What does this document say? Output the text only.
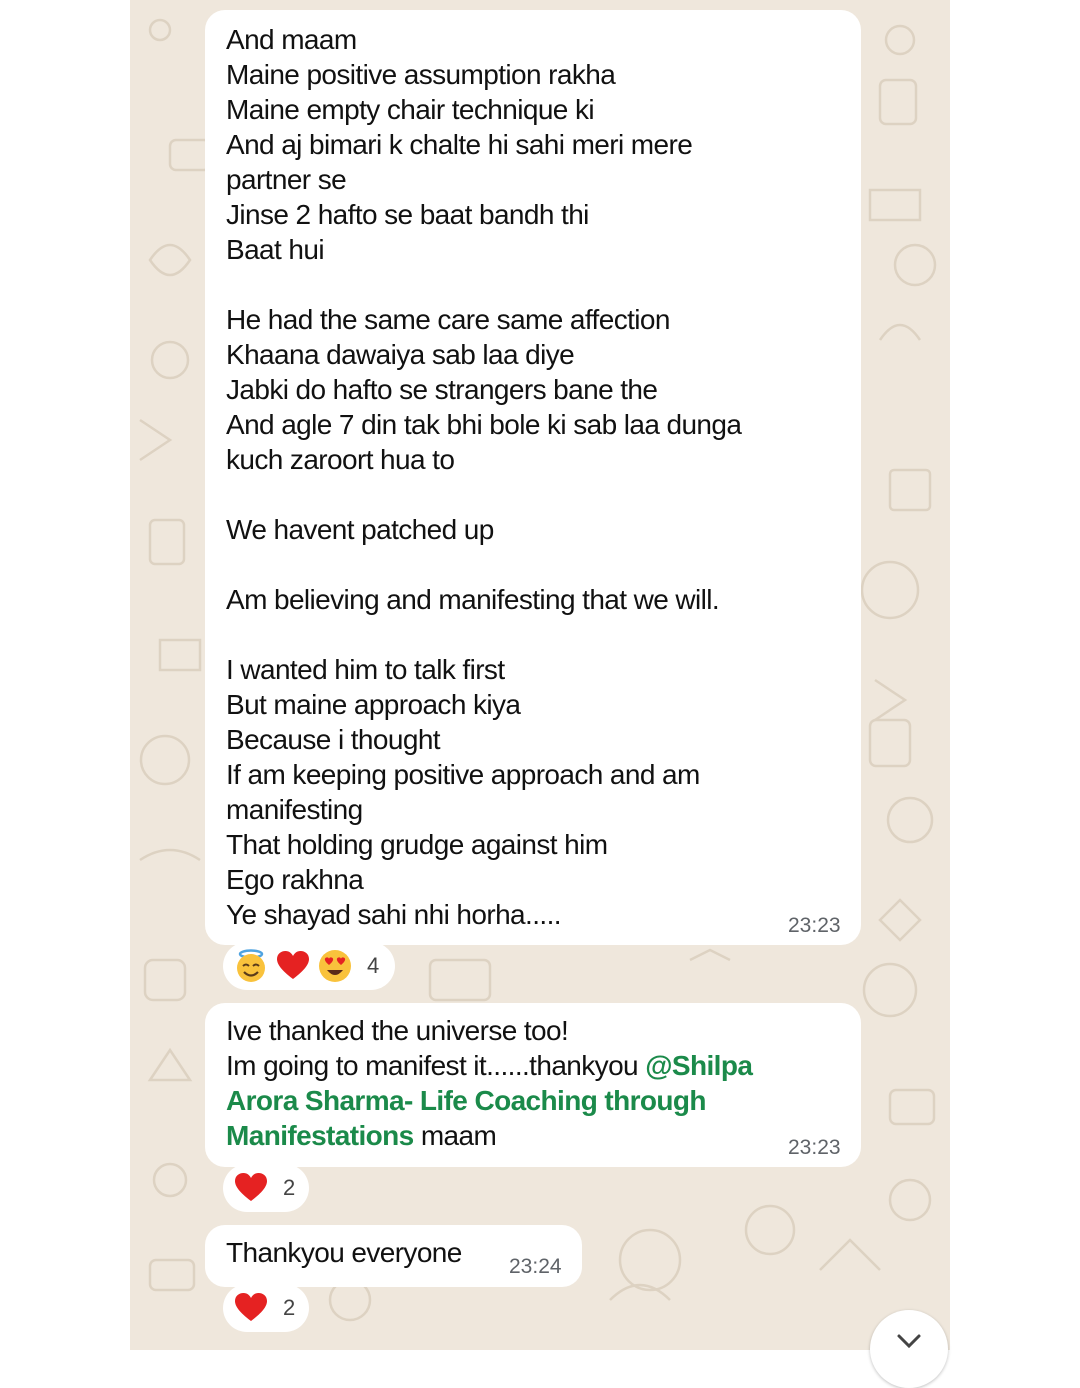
And maam
Maine positive assumption rakha
Maine empty chair technique ki
And aj bimari k chalte hi sahi meri mere
partner se
Jinse 2 hafto se baat bandh thi
Baat hui
He had the same care same affection
Khaana dawaiya sab laa diye
Jabki do hafto se strangers bane the
And agle 7 din tak bhi bole ki sab laa dunga
kuch zaroort hua to
We havent patched up
Am believing and manifesting that we will.
I wanted him to talk first
But maine approach kiya
Because i thought
If am keeping positive approach and am
manifesting
That holding grudge against him
Ego rakhna
Ye shayad sahi nhi horha.....	23:23
4
Ive thanked the universe too!
Im going to manifest it......thankyou @Shilpa
Arora Sharma- Life Coaching through
Manifestations maam	23:23
2
Thankyou everyone	23:24
2
